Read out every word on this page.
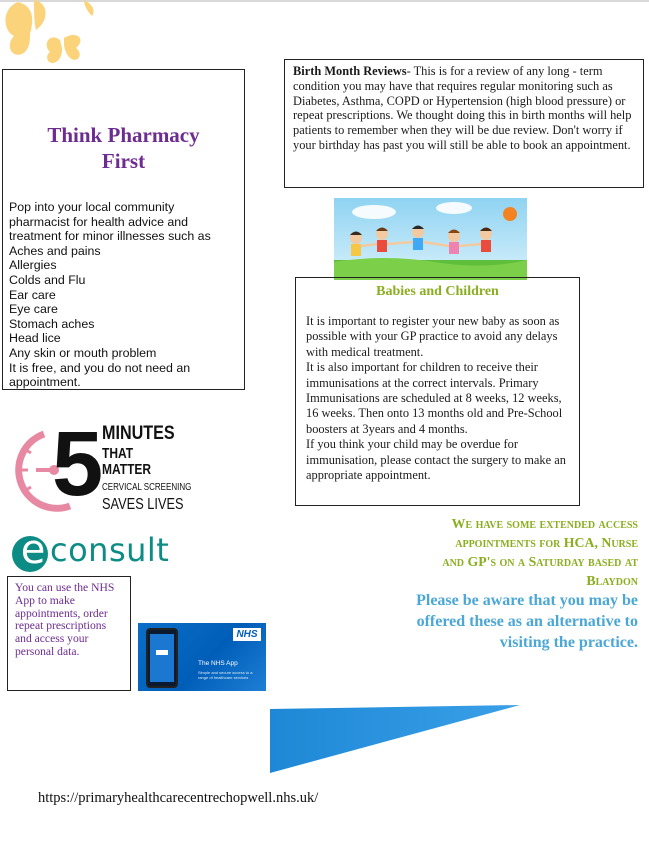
Think Pharmacy
First
Pop into your local community
pharmacist for health advice and
treatment for minor illnesses such as
Aches and pains
Allergies
Colds and Flu
Ear care
Eye care
Stomach aches
Head lice
Any skin or mouth problem
It is free, and you do not need an
appointment.
Birth Month Reviews- This is for a review of any long - term condition you may have that requires regular monitoring such as Diabetes, Asthma, COPD or Hypertension (high blood pressure) or repeat prescriptions. We thought doing this in birth months will help patients to remember when they will be due review. Don't worry if your birthday has past you will still be able to book an appointment.
Babies and Children
It is important to register your new baby as soon as possible with your GP practice to avoid any delays with medical treatment.
It is also important for children to receive their immunisations at the correct intervals. Primary Immunisations are scheduled at 8 weeks, 12 weeks, 16 weeks. Then onto 13 months old and Pre-School boosters at 3years and 4 months.
If you think your child may be overdue for immunisation, please contact the surgery to make an appropriate appointment.
5 MINUTES
THAT MATTER
CERVICAL SCREENING
SAVES LIVES
e consult
You can use the NHS App to make appointments, order repeat prescriptions and access your personal data.
NHS
The NHS App
Simple and secure access to a range of healthcare services
We have some extended access
appointments for HCA, Nurse
and GP's on a Saturday based at
Blaydon
Please be aware that you may be
offered these as an alternative to
visiting the practice.
https://primaryhealthcarecentrechopwell.nhs.uk/
